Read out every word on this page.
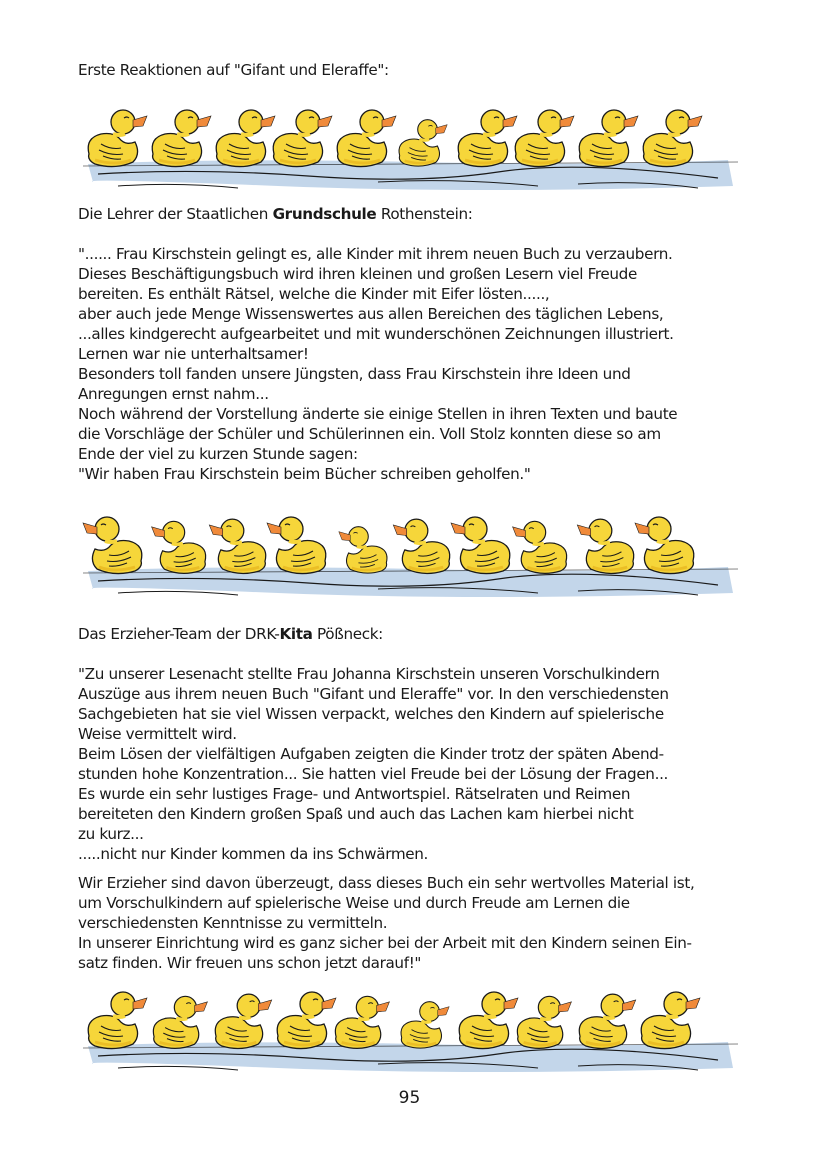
Erste Reaktionen auf "Gifant und Eleraffe":
Die Lehrer der Staatlichen Grundschule Rothenstein:
"...... Frau Kirschstein gelingt es, alle Kinder mit ihrem neuen Buch zu verzaubern.
Dieses Beschäftigungsbuch wird ihren kleinen und großen Lesern viel Freude
bereiten. Es enthält Rätsel, welche die Kinder mit Eifer lösten.....,
aber auch jede Menge Wissenswertes aus allen Bereichen des täglichen Lebens,
...alles kindgerecht aufgearbeitet und mit wunderschönen Zeichnungen illustriert.
Lernen war nie unterhaltsamer!
Besonders toll fanden unsere Jüngsten, dass Frau Kirschstein ihre Ideen und
Anregungen ernst nahm...
Noch während der Vorstellung änderte sie einige Stellen in ihren Texten und baute
die Vorschläge der Schüler und Schülerinnen ein. Voll Stolz konnten diese so am
Ende der viel zu kurzen Stunde sagen:
"Wir haben Frau Kirschstein beim Bücher schreiben geholfen."
Das Erzieher-Team der DRK-Kita Pößneck:
"Zu unserer Lesenacht stellte Frau Johanna Kirschstein unseren Vorschulkindern
Auszüge aus ihrem neuen Buch "Gifant und Eleraffe" vor. In den verschiedensten
Sachgebieten hat sie viel Wissen verpackt, welches den Kindern auf spielerische
Weise vermittelt wird.
Beim Lösen der vielfältigen Aufgaben zeigten die Kinder trotz der späten Abend-
stunden hohe Konzentration... Sie hatten viel Freude bei der Lösung der Fragen...
Es wurde ein sehr lustiges Frage- und Antwortspiel. Rätselraten und Reimen
bereiteten den Kindern großen Spaß und auch das Lachen kam hierbei nicht
zu kurz...
.....nicht nur Kinder kommen da ins Schwärmen.
Wir Erzieher sind davon überzeugt, dass dieses Buch ein sehr wertvolles Material ist,
um Vorschulkindern auf spielerische Weise und durch Freude am Lernen die
verschiedensten Kenntnisse zu vermitteln.
In unserer Einrichtung wird es ganz sicher bei der Arbeit mit den Kindern seinen Ein-
satz finden. Wir freuen uns schon jetzt darauf!"
95
